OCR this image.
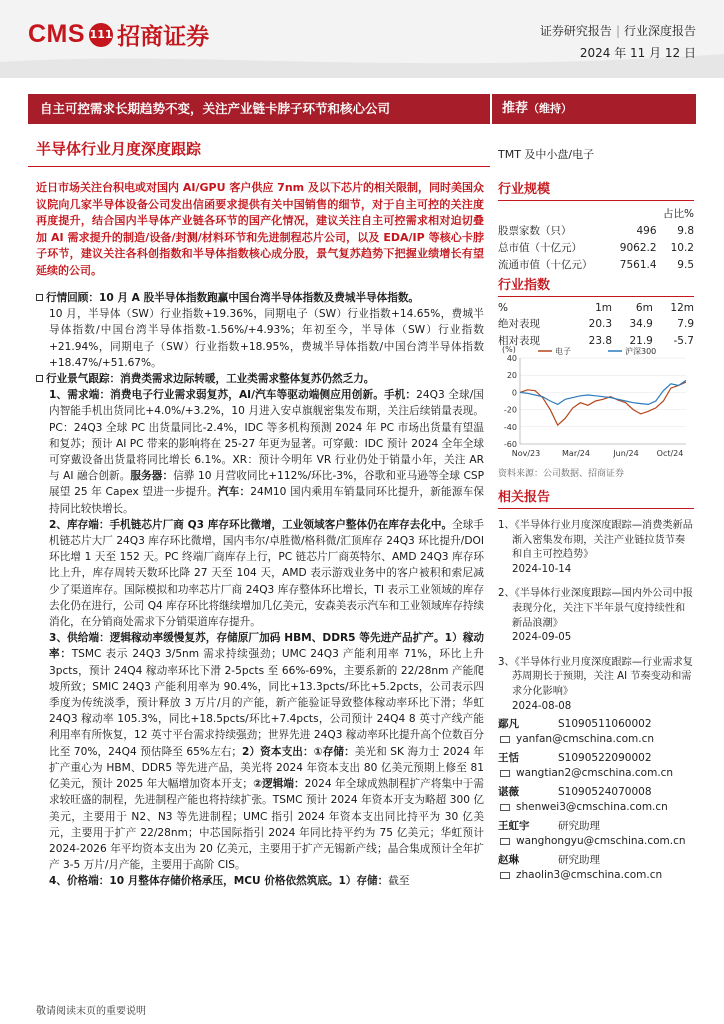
CMS 111 招商证券	证券研究报告 | 行业深度报告
2024 年 11 月 12 日
自主可控需求长期趋势不变，关注产业链卡脖子环节和核心公司	推荐（维持）
半导体行业月度深度跟踪
近日市场关注台积电或对国内 AI/GPU 客户供应 7nm 及以下芯片的相关限制，同时美国众议院向几家半导体设备公司发出信函要求提供有关中国销售的细节，对于自主可控的关注度再度提升，结合国内半导体产业链各环节的国产化情况，建议关注自主可控需求相对迫切叠加 AI 需求提升的制造/设备/封测/材料环节和先进制程芯片公司，以及 EDA/IP 等核心卡脖子环节，建议关注各科创指数和半导体指数核心成分股，景气复苏趋势下把握业绩增长有望延续的公司。

行情回顾：10 月 A 股半导体指数跑赢中国台湾半导体指数及费城半导体指数。

10 月，半导体（SW）行业指数+19.36%，同期电子（SW）行业指数+14.65%，费城半导体指数/中国台湾半导体指数-1.56%/+4.93%；年初至今，半导体（SW）行业指数+21.94%，同期电子（SW）行业指数+18.95%，费城半导体指数/中国台湾半导体指数+18.47%/+51.67%。

行业景气跟踪：消费类需求边际转暖，工业类需求整体复苏仍然乏力。

1、需求端：消费电子行业需求弱复苏，AI/汽车等驱动端侧应用创新。手机：24Q3 全球/国内智能手机出货同比+4.0%/+3.2%，10 月进入安卓旗舰密集发布期，关注后续销量表现。PC：24Q3 全球 PC 出货量同比-2.4%，IDC 等多机构预测 2024 年 PC 市场出货量有望温和复苏；预计 AI PC 带来的影响将在 25-27 年更为显著。可穿戴：IDC 预计 2024 全年全球可穿戴设备出货量将同比增长 6.1%。XR：预计今明年 VR 行业仍处于销量小年，关注 AR 与 AI 融合创新。服务器：信骅 10 月营收同比+112%/环比-3%，谷歌和亚马逊等全球 CSP 展望 25 年 Capex 望进一步提升。汽车：24M10 国内乘用车销量同环比提升，新能源车保持同比较快增长。

2、库存端：手机链芯片厂商 Q3 库存环比微增，工业领域客户整体仍在库存去化中。全球手机链芯片大厂 24Q3 库存环比微增，国内韦尔/卓胜微/格科微/汇顶库存 24Q3 环比提升/DOI 环比增 1 天至 152 天。PC 终端厂商库存上行，PC 链芯片厂商英特尔、AMD 24Q3 库存环比上升，库存周转天数环比降 27 天至 104 天，AMD 表示游戏业务中的客户被积和索尼减少了渠道库存。国际模拟和功率芯片厂商 24Q3 库存整体环比增长，TI 表示工业领域的库存去化仍在进行，公司 Q4 库存环比将继续增加几亿美元，安森美表示汽车和工业领域库存持续消化，在分销商处需求下分销渠道库存提升。

3、供给端：逻辑稼动率缓慢复苏，存储原厂加码 HBM、DDR5 等先进产品扩产。1）稼动率：TSMC 表示 24Q3 3/5nm 需求持续强劲；UMC 24Q3 产能利用率 71%，环比上升 3pcts，预计 24Q4 稼动率环比下滑 2-5pcts 至 66%-69%，主要系新的 22/28nm 产能爬坡所致；SMIC 24Q3 产能利用率为 90.4%，同比+13.3pcts/环比+5.2pcts，公司表示四季度为传统淡季，预计释放 3 万片/月的产能，新产能验证导致整体稼动率环比下滑；华虹 24Q3 稼动率 105.3%，同比+18.5pcts/环比+7.4pcts，公司预计 24Q4 8 英寸产线产能利用率有所恢复，12 英寸平台需求持续强劲；世界先进 24Q3 稼动率环比提升高个位数百分比至 70%，24Q4 预估降至 65%左右；2）资本支出：①存储：美光和 SK 海力士 2024 年扩产重心为 HBM、DDR5 等先进产品，美光将 2024 年资本支出 80 亿美元预期上修至 81 亿美元，预计 2025 年大幅增加资本开支；②逻辑端：2024 年全球成熟制程扩产将集中于需求较旺盛的制程，先进制程产能也将持续扩张。TSMC 预计 2024 年资本开支为略超 300 亿美元，主要用于 N2、N3 等先进制程；UMC 指引 2024 年资本支出同比持平为 30 亿美元，主要用于扩产 22/28nm；中芯国际指引 2024 年同比持平约为 75 亿美元；华虹预计 2024-2026 年平均资本支出为 20 亿美元，主要用于扩产无锡新产线；晶合集成预计全年扩产 3-5 万片/月产能，主要用于高阶 CIS。

4、价格端：10 月整体存储价格承压，MCU 价格依然筑底。1）存储：截至

敬请阅读末页的重要说明
TMT 及中小盘/电子
行业规模
		占比%
股票家数（只）	496	9.8
总市值（十亿元）	9062.2	10.2
流通市值（十亿元）	7561.4	9.5
行业指数
%	1m	6m	12m
绝对表现	20.3	34.9	7.9
相对表现	23.8	21.9	-5.7
(%)
40
20
0
-20
-40
-60
Nov/23	Mar/24	Jun/24 Oct/24
电子	沪深300
资料来源：公司数据、招商证券
相关报告
1、《半导体行业月度深度跟踪—消费类新品渐入密集发布期，关注产业链拉货节奏和自主可控趋势》
2024-10-14
2、《半导体行业深度跟踪—国内外公司中报表现分化，关注下半年景气度持续性和新品浪潮》
2024-09-05
3、《半导体行业月度深度跟踪—行业需求复苏周期长于预期，关注 AI 节奏变动和需求分化影响》
2024-08-08
鄢凡	S1090511060002
yanfan@cmschina.com.cn
王恬	S1090522090002
wangtian2@cmschina.com.cn
谌薇	S1090524070008
shenwei3@cmschina.com.cn
王虹宇	研究助理
wanghongyu@cmschina.com.cn
赵琳	研究助理
zhaolin3@cmschina.com.cn
